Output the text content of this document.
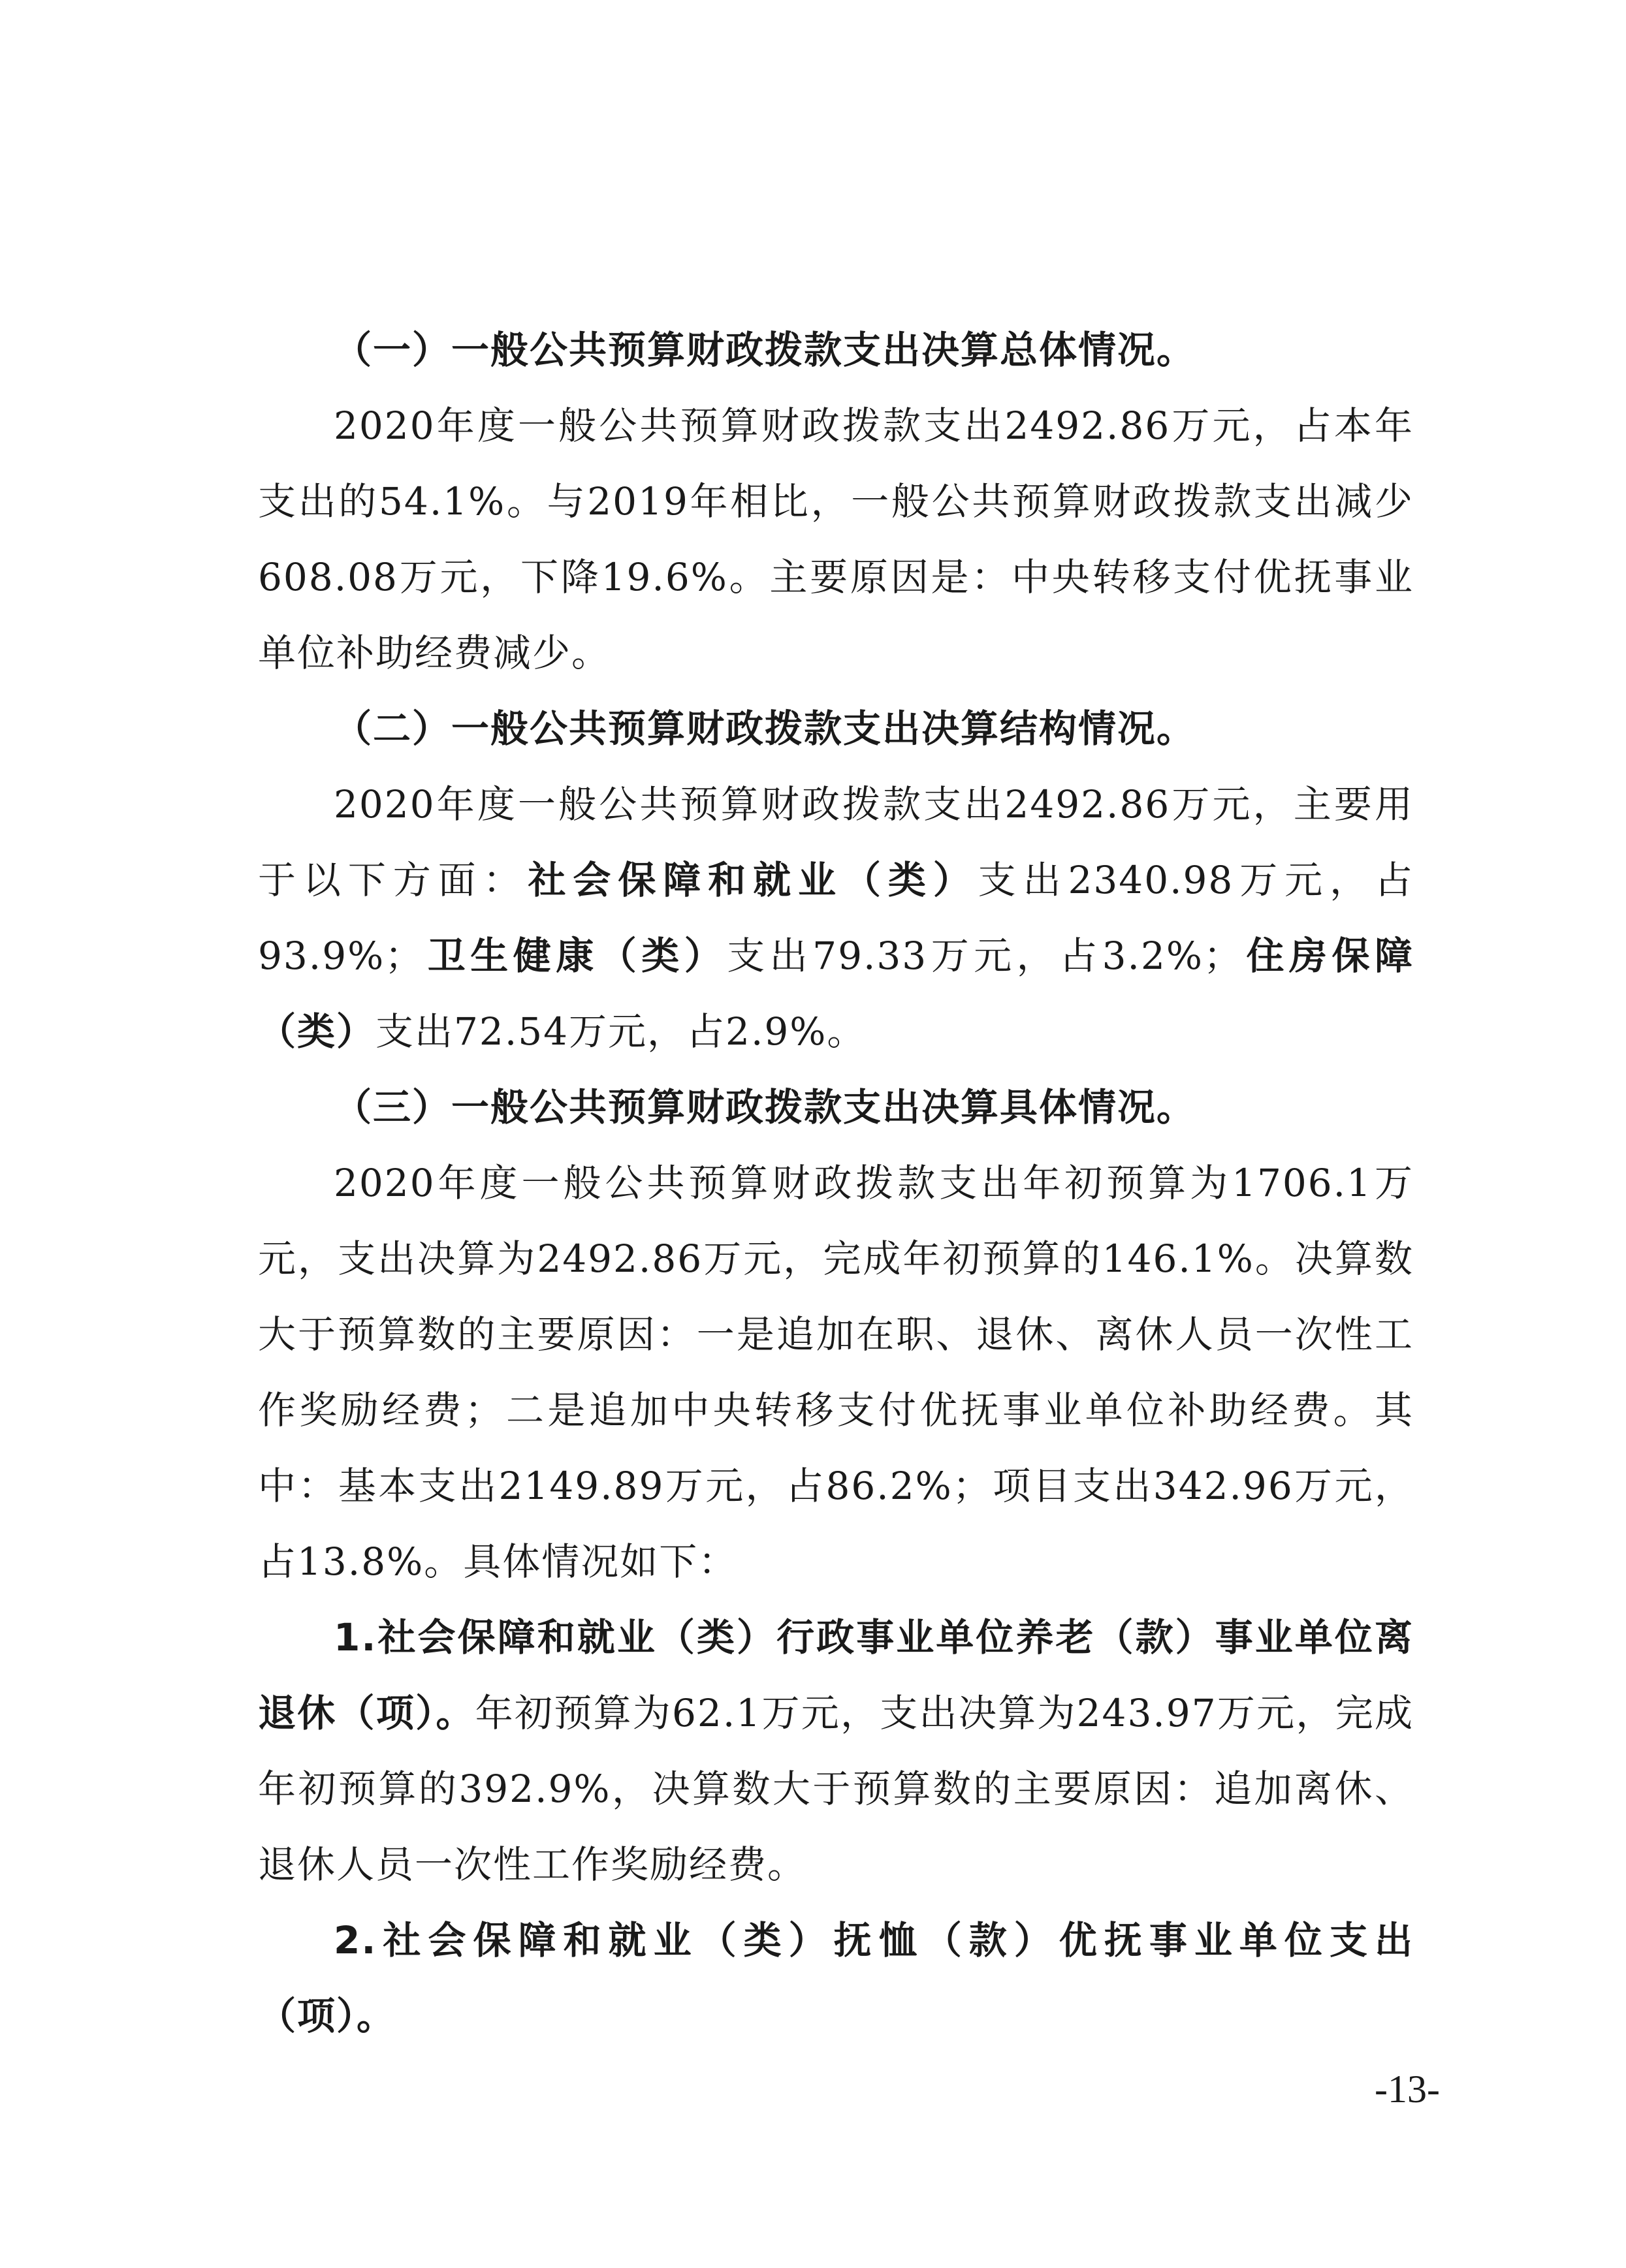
（一）一般公共预算财政拨款支出决算总体情况。

2020年度一般公共预算财政拨款支出2492.86万元，占本年支出的54.1%。与2019年相比，一般公共预算财政拨款支出减少608.08万元，下降19.6%。主要原因是：中央转移支付优抚事业单位补助经费减少。

（二）一般公共预算财政拨款支出决算结构情况。

2020年度一般公共预算财政拨款支出2492.86万元，主要用于以下方面：社会保障和就业（类）支出2340.98万元，占93.9%；卫生健康（类）支出79.33万元，占3.2%；住房保障（类）支出72.54万元，占2.9%。

（三）一般公共预算财政拨款支出决算具体情况。

2020年度一般公共预算财政拨款支出年初预算为1706.1万元，支出决算为2492.86万元，完成年初预算的146.1%。决算数大于预算数的主要原因：一是追加在职、退休、离休人员一次性工作奖励经费；二是追加中央转移支付优抚事业单位补助经费。其中：基本支出2149.89万元，占86.2%；项目支出342.96万元，占13.8%。具体情况如下：

1.社会保障和就业（类）行政事业单位养老（款）事业单位离退休（项）。年初预算为62.1万元，支出决算为243.97万元，完成年初预算的392.9%，决算数大于预算数的主要原因：追加离休、退休人员一次性工作奖励经费。

2.社会保障和就业（类）抚恤（款）优抚事业单位支出（项）。

-13-
